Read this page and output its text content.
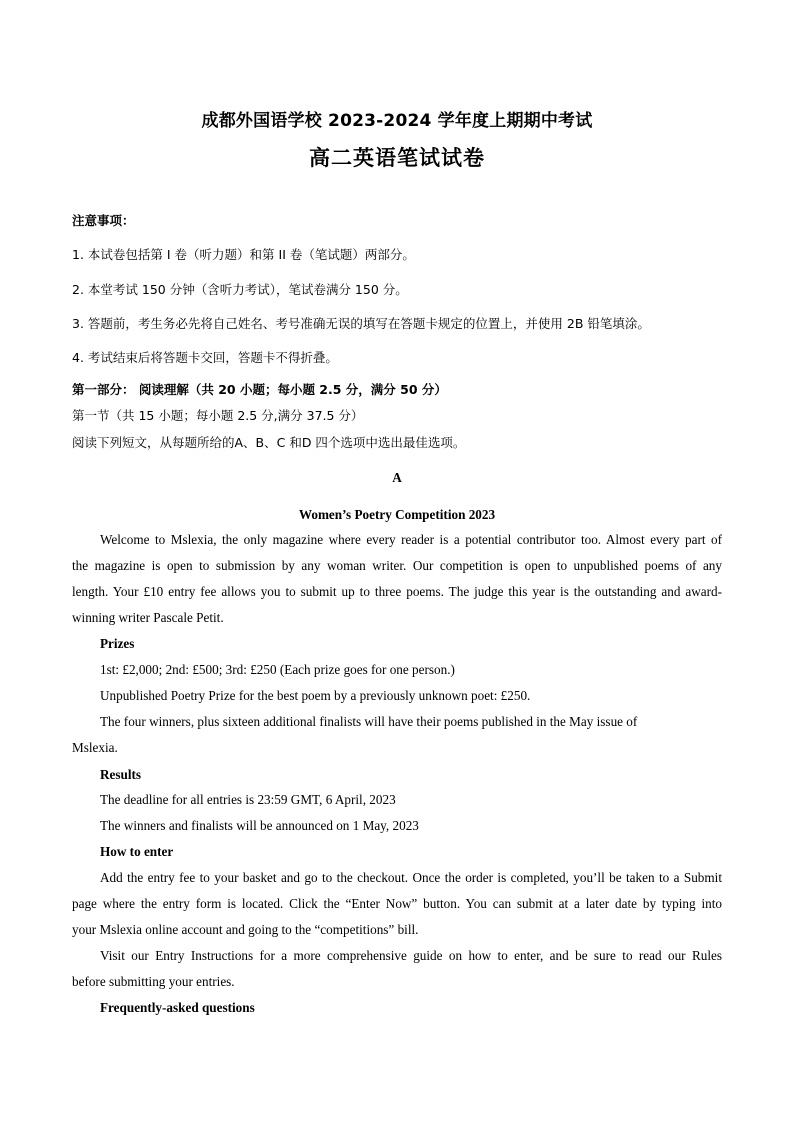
成都外国语学校 2023-2024 学年度上期期中考试
高二英语笔试试卷
注意事项：
1. 本试卷包括第 I 卷（听力题）和第 II 卷（笔试题）两部分。
2. 本堂考试 150 分钟（含听力考试），笔试卷满分 150 分。
3. 答题前，考生务必先将自己姓名、考号准确无误的填写在答题卡规定的位置上，并使用 2B 铅笔填涂。
4. 考试结束后将答题卡交回，答题卡不得折叠。
第一部分： 阅读理解（共 20 小题；每小题 2.5 分，满分 50 分）
第一节（共 15 小题；每小题 2.5 分,满分 37.5 分）
阅读下列短文，从每题所给的A、B、C 和D 四个选项中选出最佳选项。
A
Women’s Poetry Competition 2023
Welcome to Mslexia, the only magazine where every reader is a potential contributor too. Almost every part of
the magazine is open to submission by any woman writer. Our competition is open to unpublished poems of any
length. Your £10 entry fee allows you to submit up to three poems. The judge this year is the outstanding and award-
winning writer Pascale Petit.
Prizes
1st: £2,000; 2nd: £500; 3rd: £250 (Each prize goes for one person.)
Unpublished Poetry Prize for the best poem by a previously unknown poet: £250.
The four winners, plus sixteen additional finalists will have their poems published in the May issue of
Mslexia.
Results
The deadline for all entries is 23:59 GMT, 6 April, 2023
The winners and finalists will be announced on 1 May, 2023
How to enter
Add the entry fee to your basket and go to the checkout. Once the order is completed, you’ll be taken to a Submit
page where the entry form is located. Click the “Enter Now” button. You can submit at a later date by typing into
your Mslexia online account and going to the “competitions” bill.
Visit our Entry Instructions for a more comprehensive guide on how to enter, and be sure to read our Rules
before submitting your entries.
Frequently-asked questions
